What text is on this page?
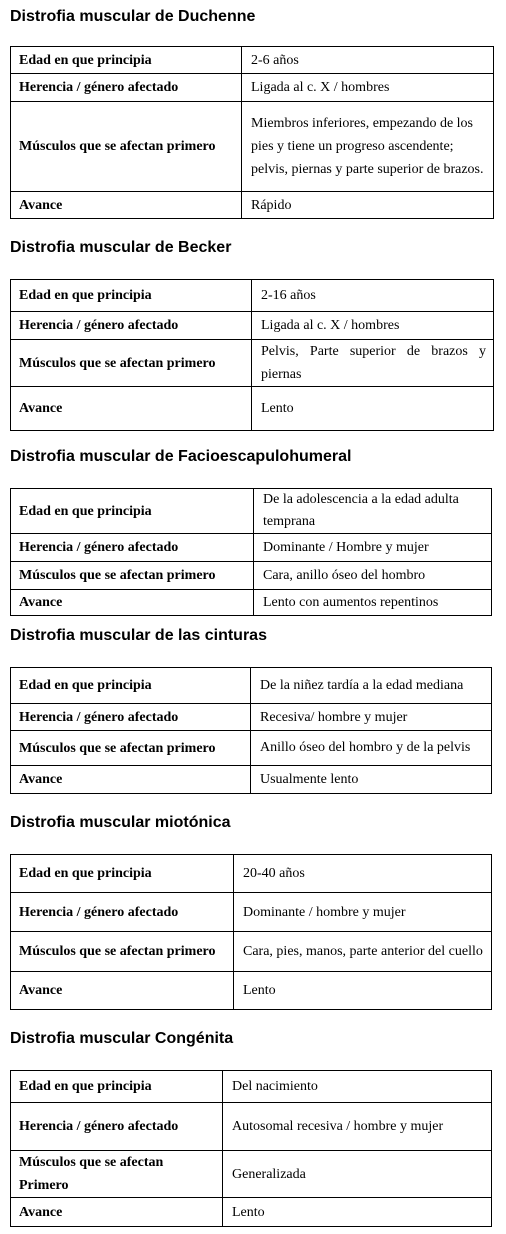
Distrofia muscular de Duchenne
Edad en que principia	2-6 años
Herencia / género afectado	Ligada al c. X / hombres
Músculos que se afectan primero	Miembros inferiores, empezando de los pies y tiene un progreso ascendente; pelvis, piernas y parte superior de brazos.
Avance	Rápido
Distrofia muscular de Becker
Edad en que principia	2-16 años
Herencia / género afectado	Ligada al c. X / hombres
Músculos que se afectan primero	Pelvis, Parte superior de brazos y piernas
Avance	Lento
Distrofia muscular de Facioescapulohumeral
Edad en que principia	De la adolescencia a la edad adulta temprana
Herencia / género afectado	Dominante / Hombre y mujer
Músculos que se afectan primero	Cara, anillo óseo del hombro
Avance	Lento con aumentos repentinos
Distrofia muscular de las cinturas
Edad en que principia	De la niñez tardía a la edad mediana
Herencia / género afectado	Recesiva/ hombre y mujer
Músculos que se afectan primero	Anillo óseo del hombro y de la pelvis
Avance	Usualmente lento
Distrofia muscular miotónica
Edad en que principia	20-40 años
Herencia / género afectado	Dominante / hombre y mujer
Músculos que se afectan primero	Cara, pies, manos, parte anterior del cuello
Avance	Lento
Distrofia muscular Congénita
Edad en que principia	Del nacimiento
Herencia / género afectado	Autosomal recesiva / hombre y mujer
Músculos que se afectan Primero	Generalizada
Avance	Lento
